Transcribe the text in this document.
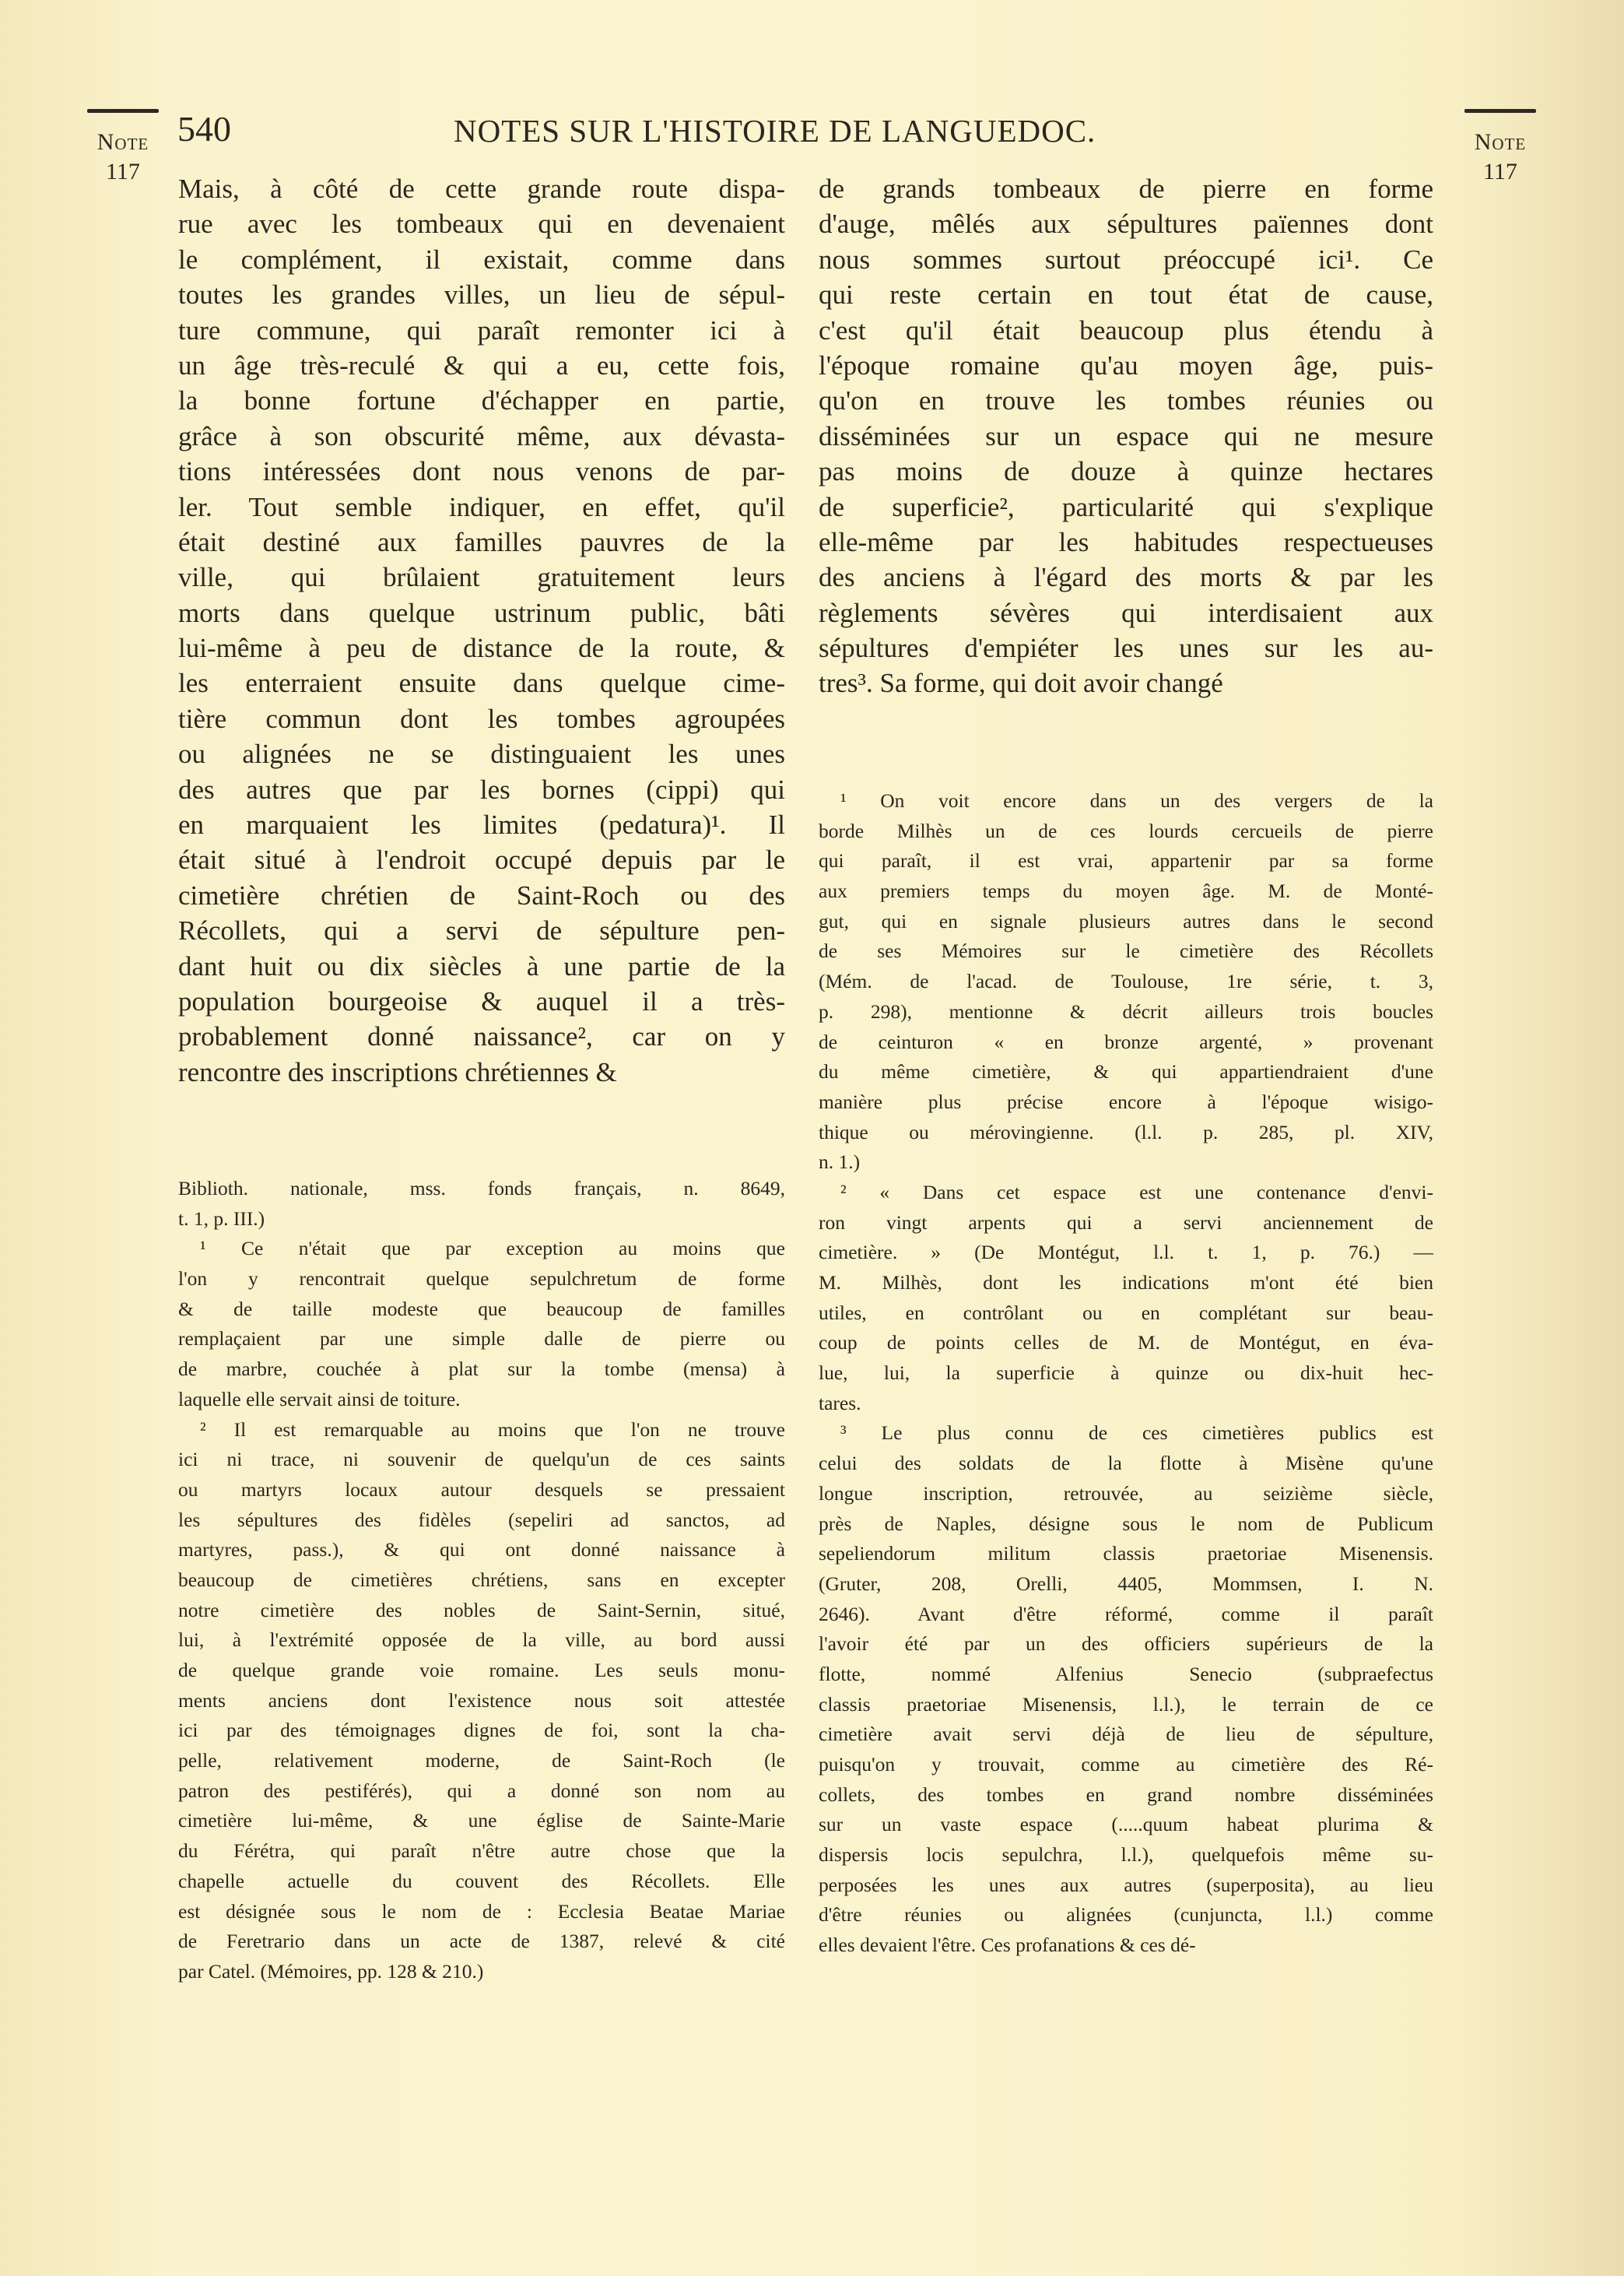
Note
117
Note
117
540	NOTES SUR L'HISTOIRE DE LANGUEDOC.
Mais, à côté de cette grande route dispa-
rue avec les tombeaux qui en devenaient
le complément, il existait, comme dans
toutes les grandes villes, un lieu de sépul-
ture commune, qui paraît remonter ici à
un âge très-reculé & qui a eu, cette fois,
la bonne fortune d'échapper en partie,
grâce à son obscurité même, aux dévasta-
tions intéressées dont nous venons de par-
ler. Tout semble indiquer, en effet, qu'il
était destiné aux familles pauvres de la
ville, qui brûlaient gratuitement leurs
morts dans quelque ustrinum public, bâti
lui-même à peu de distance de la route, &
les enterraient ensuite dans quelque cime-
tière commun dont les tombes agroupées
ou alignées ne se distinguaient les unes
des autres que par les bornes (cippi) qui
en marquaient les limites (pedatura)¹. Il
était situé à l'endroit occupé depuis par le
cimetière chrétien de Saint-Roch ou des
Récollets, qui a servi de sépulture pen-
dant huit ou dix siècles à une partie de la
population bourgeoise & auquel il a très-
probablement donné naissance², car on y
rencontre des inscriptions chrétiennes &
de grands tombeaux de pierre en forme
d'auge, mêlés aux sépultures païennes dont
nous sommes surtout préoccupé ici¹. Ce
qui reste certain en tout état de cause,
c'est qu'il était beaucoup plus étendu à
l'époque romaine qu'au moyen âge, puis-
qu'on en trouve les tombes réunies ou
disséminées sur un espace qui ne mesure
pas moins de douze à quinze hectares
de superficie², particularité qui s'explique
elle-même par les habitudes respectueuses
des anciens à l'égard des morts & par les
règlements sévères qui interdisaient aux
sépultures d'empiéter les unes sur les au-
tres³. Sa forme, qui doit avoir changé
Biblioth. nationale, mss. fonds français, n. 8649,
t. 1, p. III.)
¹ Ce n'était que par exception au moins que
l'on y rencontrait quelque sepulchretum de forme
& de taille modeste que beaucoup de familles
remplaçaient par une simple dalle de pierre ou
de marbre, couchée à plat sur la tombe (mensa) à
laquelle elle servait ainsi de toiture.
² Il est remarquable au moins que l'on ne trouve
ici ni trace, ni souvenir de quelqu'un de ces saints
ou martyrs locaux autour desquels se pressaient
les sépultures des fidèles (sepeliri ad sanctos, ad
martyres, pass.), & qui ont donné naissance à
beaucoup de cimetières chrétiens, sans en excepter
notre cimetière des nobles de Saint-Sernin, situé,
lui, à l'extrémité opposée de la ville, au bord aussi
de quelque grande voie romaine. Les seuls monu-
ments anciens dont l'existence nous soit attestée
ici par des témoignages dignes de foi, sont la cha-
pelle, relativement moderne, de Saint-Roch (le
patron des pestiférés), qui a donné son nom au
cimetière lui-même, & une église de Sainte-Marie
du Férétra, qui paraît n'être autre chose que la
chapelle actuelle du couvent des Récollets. Elle
est désignée sous le nom de : Ecclesia Beatae Mariae
de Feretrario dans un acte de 1387, relevé & cité
par Catel. (Mémoires, pp. 128 & 210.)
¹ On voit encore dans un des vergers de la
borde Milhès un de ces lourds cercueils de pierre
qui paraît, il est vrai, appartenir par sa forme
aux premiers temps du moyen âge. M. de Monté-
gut, qui en signale plusieurs autres dans le second
de ses Mémoires sur le cimetière des Récollets
(Mém. de l'acad. de Toulouse, 1re série, t. 3,
p. 298), mentionne & décrit ailleurs trois boucles
de ceinturon « en bronze argenté, » provenant
du même cimetière, & qui appartiendraient d'une
manière plus précise encore à l'époque wisigo-
thique ou mérovingienne. (l.l. p. 285, pl. XIV,
n. 1.)
² « Dans cet espace est une contenance d'envi-
ron vingt arpents qui a servi anciennement de
cimetière. » (De Montégut, l.l. t. 1, p. 76.) —
M. Milhès, dont les indications m'ont été bien
utiles, en contrôlant ou en complétant sur beau-
coup de points celles de M. de Montégut, en éva-
lue, lui, la superficie à quinze ou dix-huit hec-
tares.
³ Le plus connu de ces cimetières publics est
celui des soldats de la flotte à Misène qu'une
longue inscription, retrouvée, au seizième siècle,
près de Naples, désigne sous le nom de Publicum
sepeliendorum militum classis praetoriae Misenensis.
(Gruter, 208, Orelli, 4405, Mommsen, I. N.
2646). Avant d'être réformé, comme il paraît
l'avoir été par un des officiers supérieurs de la
flotte, nommé Alfenius Senecio (subpraefectus
classis praetoriae Misenensis, l.l.), le terrain de ce
cimetière avait servi déjà de lieu de sépulture,
puisqu'on y trouvait, comme au cimetière des Ré-
collets, des tombes en grand nombre disséminées
sur un vaste espace (.....quum habeat plurima &
dispersis locis sepulchra, l.l.), quelquefois même su-
perposées les unes aux autres (superposita), au lieu
d'être réunies ou alignées (cunjuncta, l.l.) comme
elles devaient l'être. Ces profanations & ces dé-
